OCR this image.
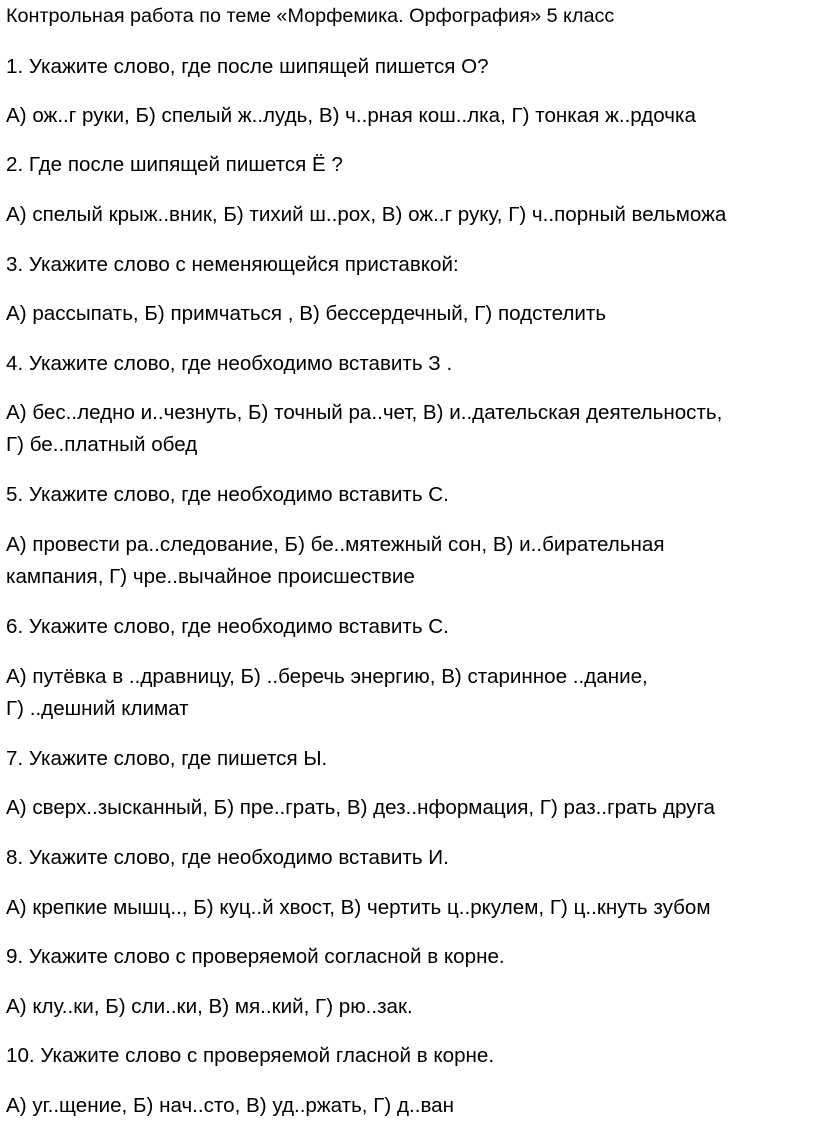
Контрольная работа по теме «Морфемика. Орфография» 5 класс

1. Укажите слово, где после шипящей пишется О?

А) ож..г руки, Б) спелый ж..лудь, В) ч..рная кош..лка, Г) тонкая ж..рдочка

2. Где после шипящей пишется Ё ?

А) спелый крыж..вник, Б) тихий ш..рох, В) ож..г руку, Г) ч..порный вельможа

3. Укажите слово с неменяющейся приставкой:

А) рассыпать, Б) примчаться , В) бессердечный, Г) подстелить

4. Укажите слово, где необходимо вставить З .

А) бес..ледно и..чезнуть, Б) точный ра..чет, В) и..дательская деятельность,

Г) бе..платный обед

5. Укажите слово, где необходимо вставить С.

А) провести ра..следование, Б) бе..мятежный сон, В) и..бирательная

кампания, Г) чре..вычайное происшествие

6. Укажите слово, где необходимо вставить С.

А) путёвка в ..дравницу, Б) ..беречь энергию, В) старинное ..дание,

Г) ..дешний климат

7. Укажите слово, где пишется Ы.

А) сверх..зысканный, Б) пре..грать, В) дез..нформация, Г) раз..грать друга

8. Укажите слово, где необходимо вставить И.

А) крепкие мышц.., Б) куц..й хвост, В) чертить ц..ркулем, Г) ц..кнуть зубом

9. Укажите слово с проверяемой согласной в корне.

А) клу..ки, Б) сли..ки, В) мя..кий, Г) рю..зак.

10. Укажите слово с проверяемой гласной в корне.

А) уг..щение, Б) нач..сто, В) уд..ржать, Г) д..ван
